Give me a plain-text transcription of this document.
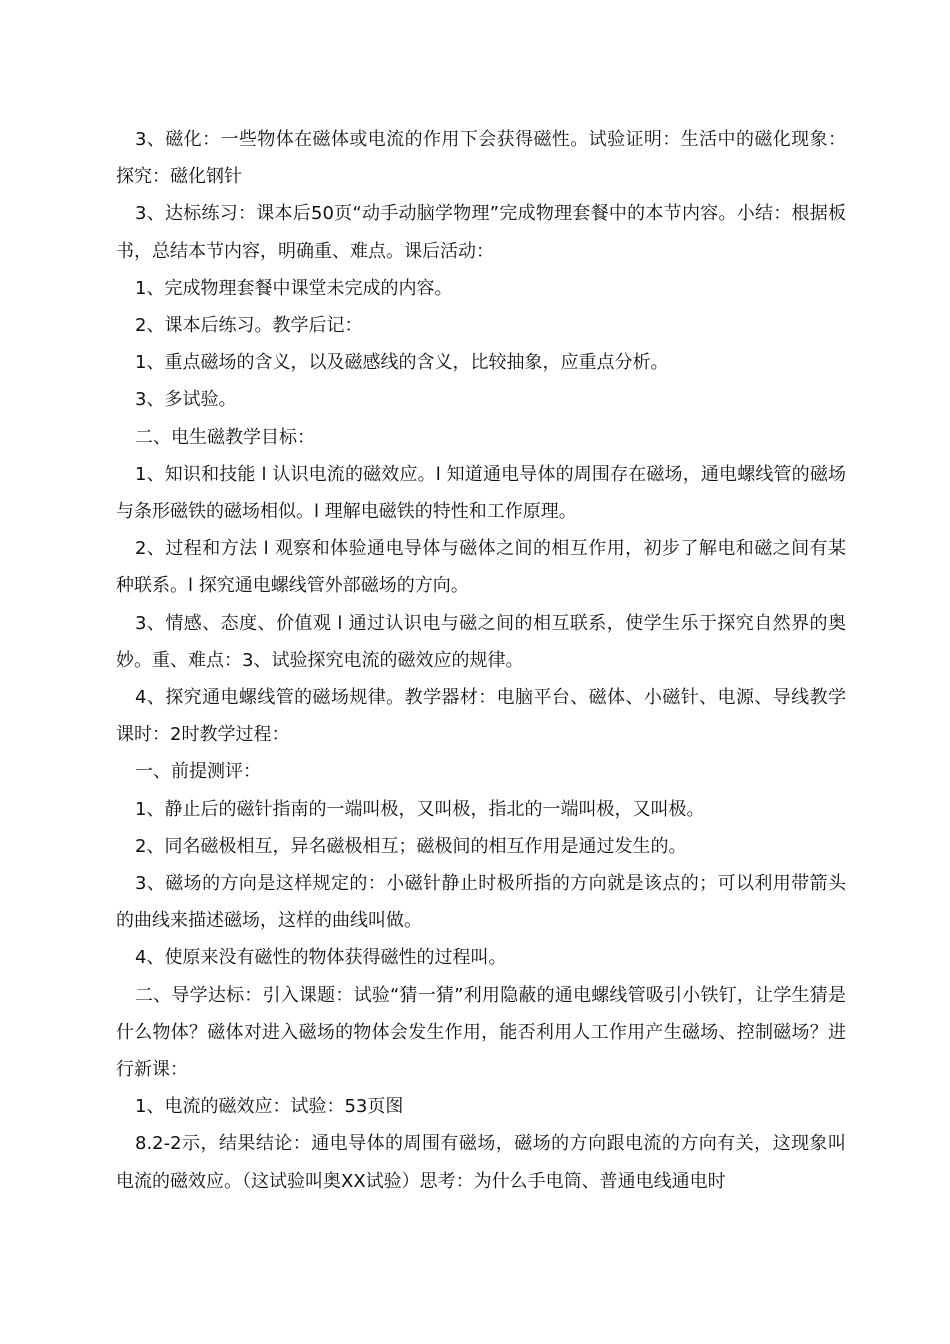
3、磁化：一些物体在磁体或电流的作用下会获得磁性。试验证明：生活中的磁化现象：探究：磁化钢针

3、达标练习：课本后50页“动手动脑学物理”完成物理套餐中的本节内容。小结：根据板书，总结本节内容，明确重、难点。课后活动：

1、完成物理套餐中课堂未完成的内容。

2、课本后练习。教学后记：

1、重点磁场的含义，以及磁感线的含义，比较抽象，应重点分析。

3、多试验。

二、电生磁教学目标：

1、知识和技能 l 认识电流的磁效应。l 知道通电导体的周围存在磁场，通电螺线管的磁场与条形磁铁的磁场相似。l 理解电磁铁的特性和工作原理。

2、过程和方法 l 观察和体验通电导体与磁体之间的相互作用，初步了解电和磁之间有某种联系。l 探究通电螺线管外部磁场的方向。

3、情感、态度、价值观 l 通过认识电与磁之间的相互联系，使学生乐于探究自然界的奥妙。重、难点：3、试验探究电流的磁效应的规律。

4、探究通电螺线管的磁场规律。教学器材：电脑平台、磁体、小磁针、电源、导线教学课时：2时教学过程：

一、前提测评：

1、静止后的磁针指南的一端叫极，又叫极，指北的一端叫极，又叫极。

2、同名磁极相互，异名磁极相互；磁极间的相互作用是通过发生的。

3、磁场的方向是这样规定的：小磁针静止时极所指的方向就是该点的；可以利用带箭头的曲线来描述磁场，这样的曲线叫做。

4、使原来没有磁性的物体获得磁性的过程叫。

二、导学达标：引入课题：试验“猜一猜”利用隐蔽的通电螺线管吸引小铁钉，让学生猜是什么物体？磁体对进入磁场的物体会发生作用，能否利用人工作用产生磁场、控制磁场？进行新课：

1、电流的磁效应：试验：53页图

8.2-2示，结果结论：通电导体的周围有磁场，磁场的方向跟电流的方向有关，这现象叫电流的磁效应。（这试验叫奥XX试验）思考：为什么手电筒、普通电线通电时
